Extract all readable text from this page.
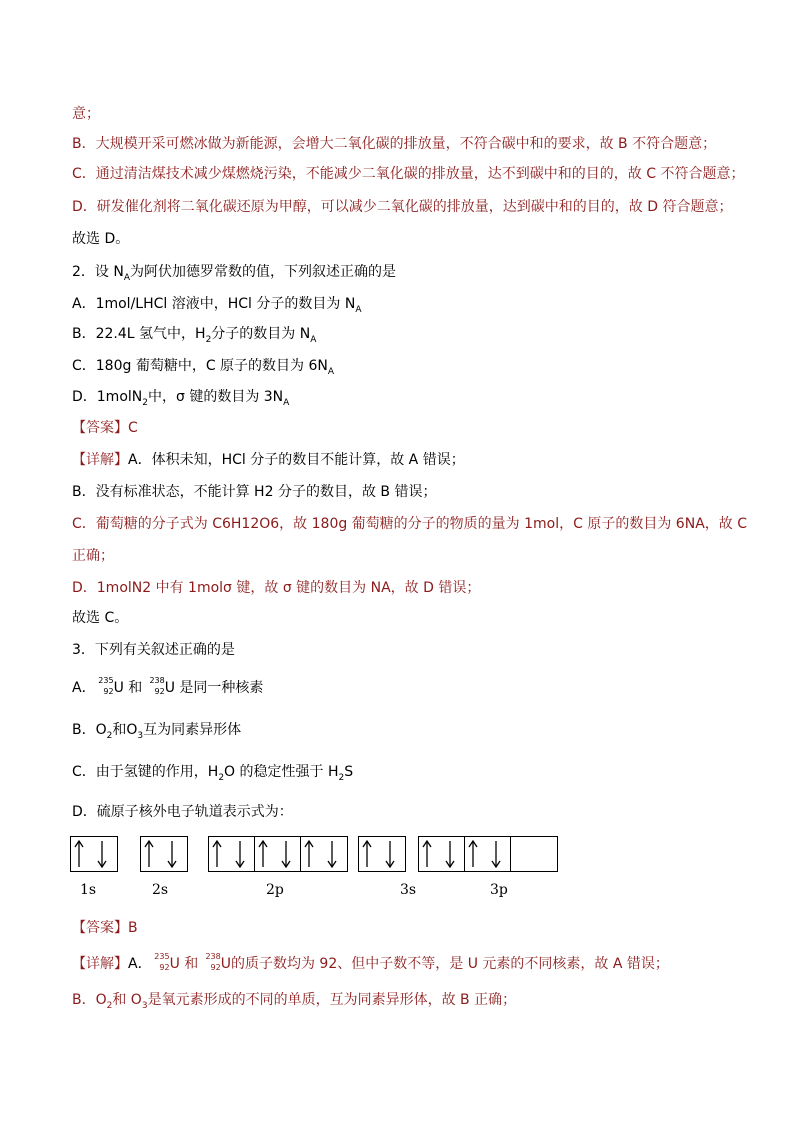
意；
B．大规模开采可燃冰做为新能源，会增大二氧化碳的排放量，不符合碳中和的要求，故 B 不符合题意；
C．通过清洁煤技术减少煤燃烧污染，不能减少二氧化碳的排放量，达不到碳中和的目的，故 C 不符合题意；
D．研发催化剂将二氧化碳还原为甲醇，可以减少二氧化碳的排放量，达到碳中和的目的，故 D 符合题意；
故选 D。
2．设 $N_A$为阿伏加德罗常数的值，下列叙述正确的是
A．1mol/LHCl 溶液中，HCl 分子的数目为 $N_A$
B．22.4L 氢气中，$H_2$分子的数目为 $N_A$
C．180g 葡萄糖中，C 原子的数目为 $6N_A$
D．1molN$_2$中，σ 键的数目为 $3N_A$
【答案】C
【详解】A．体积未知，HCl 分子的数目不能计算，故 A 错误；
B．没有标准状态，不能计算 H2 分子的数目，故 B 错误；
C．葡萄糖的分子式为 C6H12O6，故 180g 葡萄糖的分子的物质的量为 1mol，C 原子的数目为 6NA，故 C
正确；
D．1molN2 中有 1molσ 键，故 σ 键的数目为 NA，故 D 错误；
故选 C。
3．下列有关叙述正确的是
A． 235
92 U 和 238
92 U 是同一种核素
B．$O_2$和$O_3$互为同素异形体
C．由于氢键的作用，$H_2O$ 的稳定性强于 $H_2S$
D．硫原子核外电子轨道表示式为：
1s	2s	2p	3s	3p
【答案】B
【详解】A． 235
92 U 和 238
92 U的质子数均为 92、但中子数不等，是 U 元素的不同核素，故 A 错误；
B．$O_2$和 $O_3$是氧元素形成的不同的单质，互为同素异形体，故 B 正确；
